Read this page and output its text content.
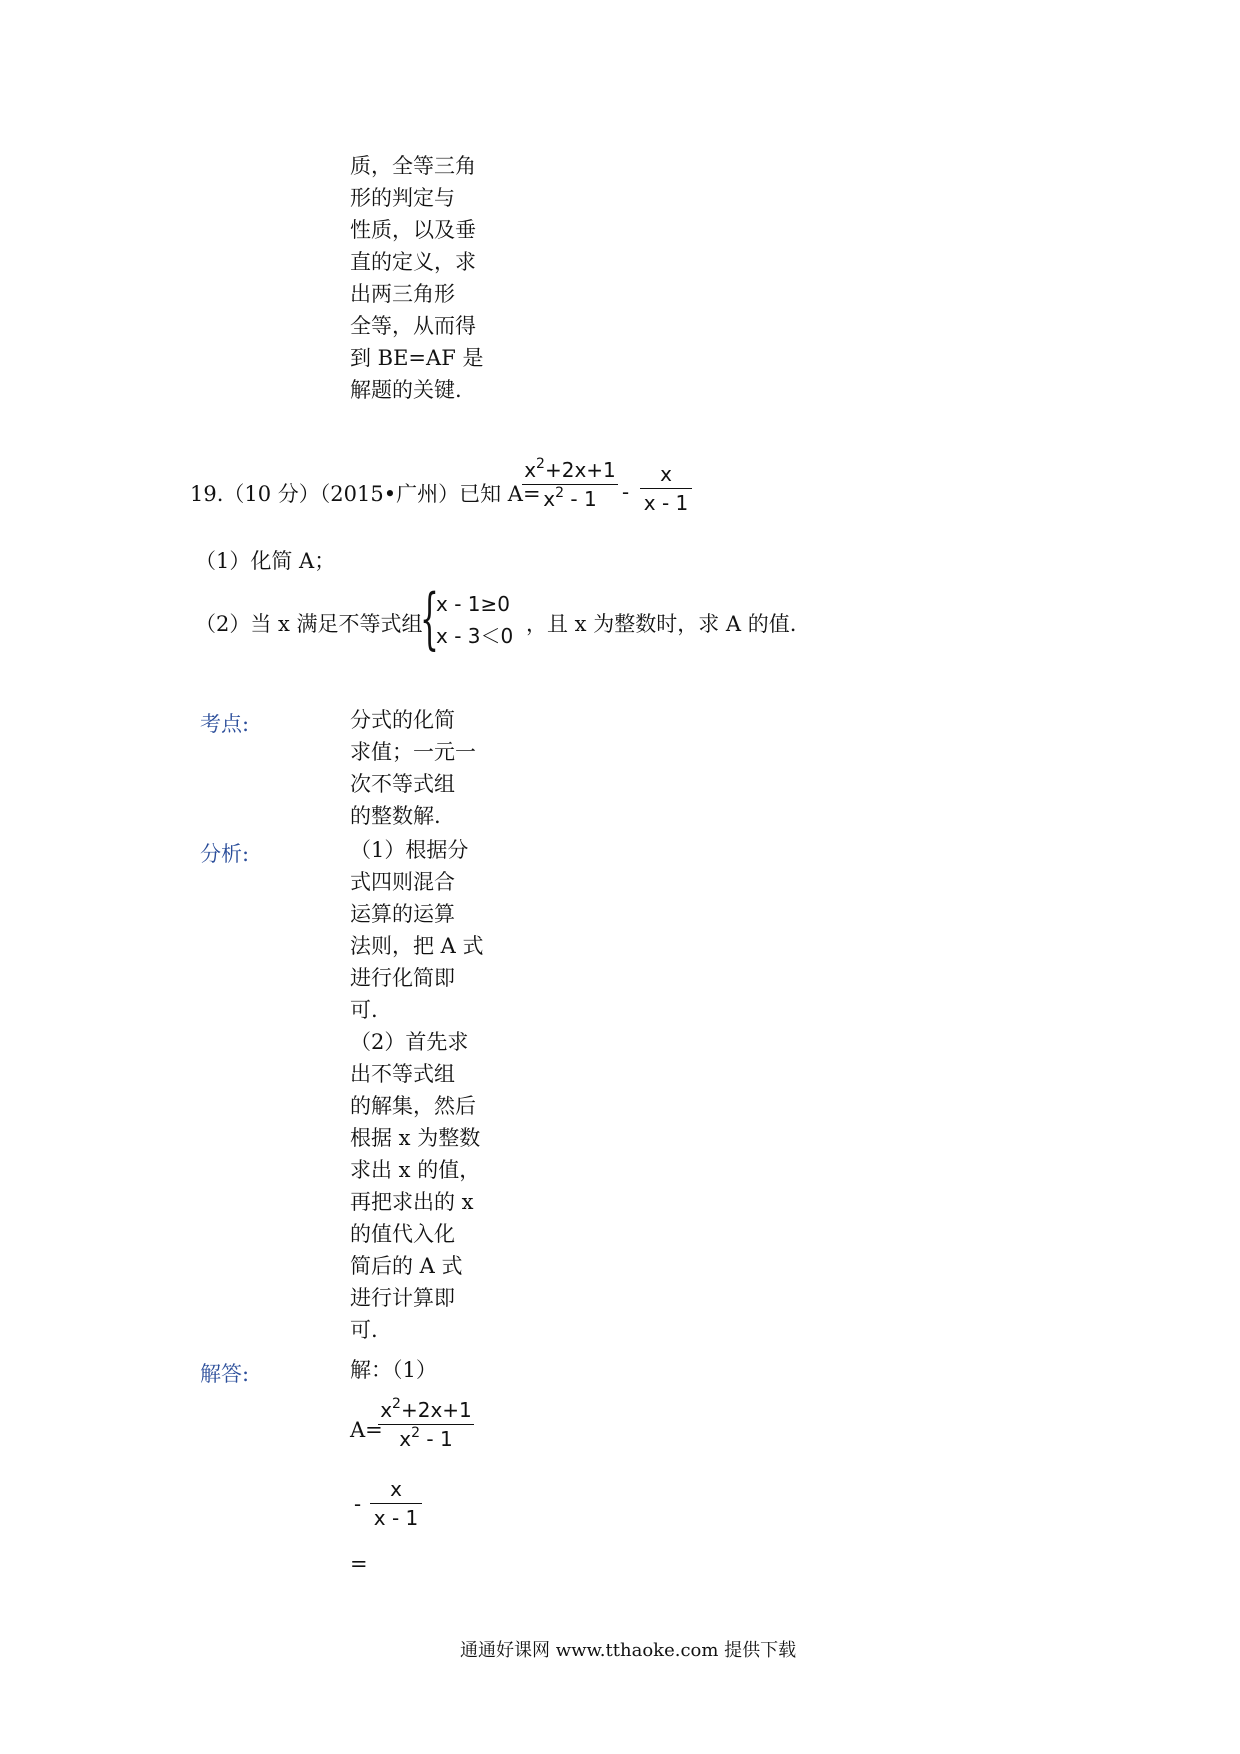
质，全等三角
形的判定与
性质，以及垂
直的定义，求
出两三角形
全等，从而得
到 BE=AF 是
解题的关键.
19.（10 分）（2015•广州）已知 A=
$x^2+2x+1$
$x^2 - 1$	-
x
x - 1
（1）化简 A；
（2）当 x 满足不等式组
{
x - 1≥0
x - 3＜0 ，且 x 为整数时，求 A 的值.
考点:	分式的化简
求值；一元一
次不等式组
的整数解.
分析:	（1）根据分
式四则混合
运算的运算
法则，把 A 式
进行化简即
可.
（2）首先求
出不等式组
的解集，然后
根据 x 为整数
求出 x 的值，
再把求出的 x
的值代入化
简后的 A 式
进行计算即
可.
解答:	解：（1）
A=
$x^2+2x+1$
$x^2 - 1$
-
x
x - 1
=
通通好课网 www.tthaoke.com 提供下载
